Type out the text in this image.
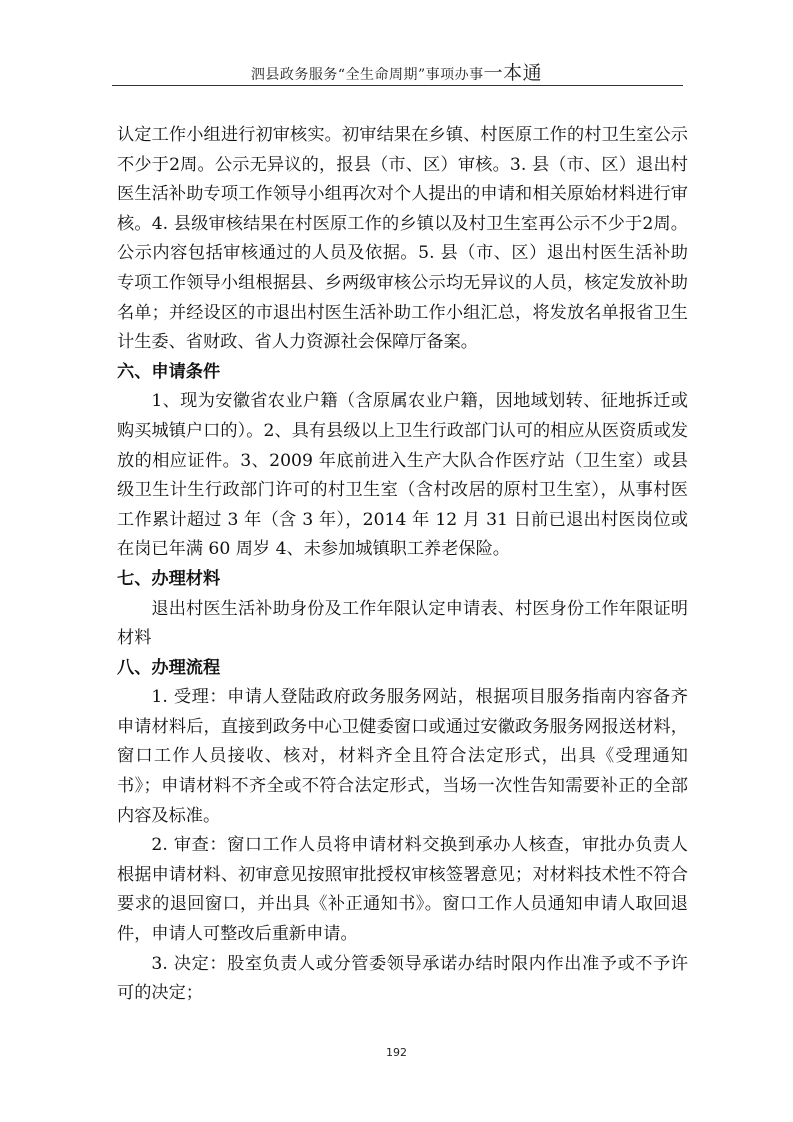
泗县政务服务“全生命周期”事项办事一本通

认定工作小组进行初审核实。初审结果在乡镇、村医原工作的村卫生室公示不少于2周。公示无异议的，报县（市、区）审核。3. 县（市、区）退出村医生活补助专项工作领导小组再次对个人提出的申请和相关原始材料进行审核。4. 县级审核结果在村医原工作的乡镇以及村卫生室再公示不少于2周。公示内容包括审核通过的人员及依据。5. 县（市、区）退出村医生活补助专项工作领导小组根据县、乡两级审核公示均无异议的人员，核定发放补助名单；并经设区的市退出村医生活补助工作小组汇总，将发放名单报省卫生计生委、省财政、省人力资源社会保障厅备案。

六、申请条件

1、现为安徽省农业户籍（含原属农业户籍，因地域划转、征地拆迁或购买城镇户口的）。2、具有县级以上卫生行政部门认可的相应从医资质或发放的相应证件。3、2009 年底前进入生产大队合作医疗站（卫生室）或县级卫生计生行政部门许可的村卫生室（含村改居的原村卫生室），从事村医工作累计超过 3 年（含 3 年），2014 年 12 月 31 日前已退出村医岗位或在岗已年满 60 周岁 4、未参加城镇职工养老保险。

七、办理材料

退出村医生活补助身份及工作年限认定申请表、村医身份工作年限证明材料

八、办理流程

1. 受理：申请人登陆政府政务服务网站，根据项目服务指南内容备齐申请材料后，直接到政务中心卫健委窗口或通过安徽政务服务网报送材料，窗口工作人员接收、核对，材料齐全且符合法定形式，出具《受理通知书》；申请材料不齐全或不符合法定形式，当场一次性告知需要补正的全部内容及标准。

2. 审查：窗口工作人员将申请材料交换到承办人核查，审批办负责人根据申请材料、初审意见按照审批授权审核签署意见；对材料技术性不符合要求的退回窗口，并出具《补正通知书》。窗口工作人员通知申请人取回退件，申请人可整改后重新申请。

3. 决定：股室负责人或分管委领导承诺办结时限内作出准予或不予许可的决定；

192
